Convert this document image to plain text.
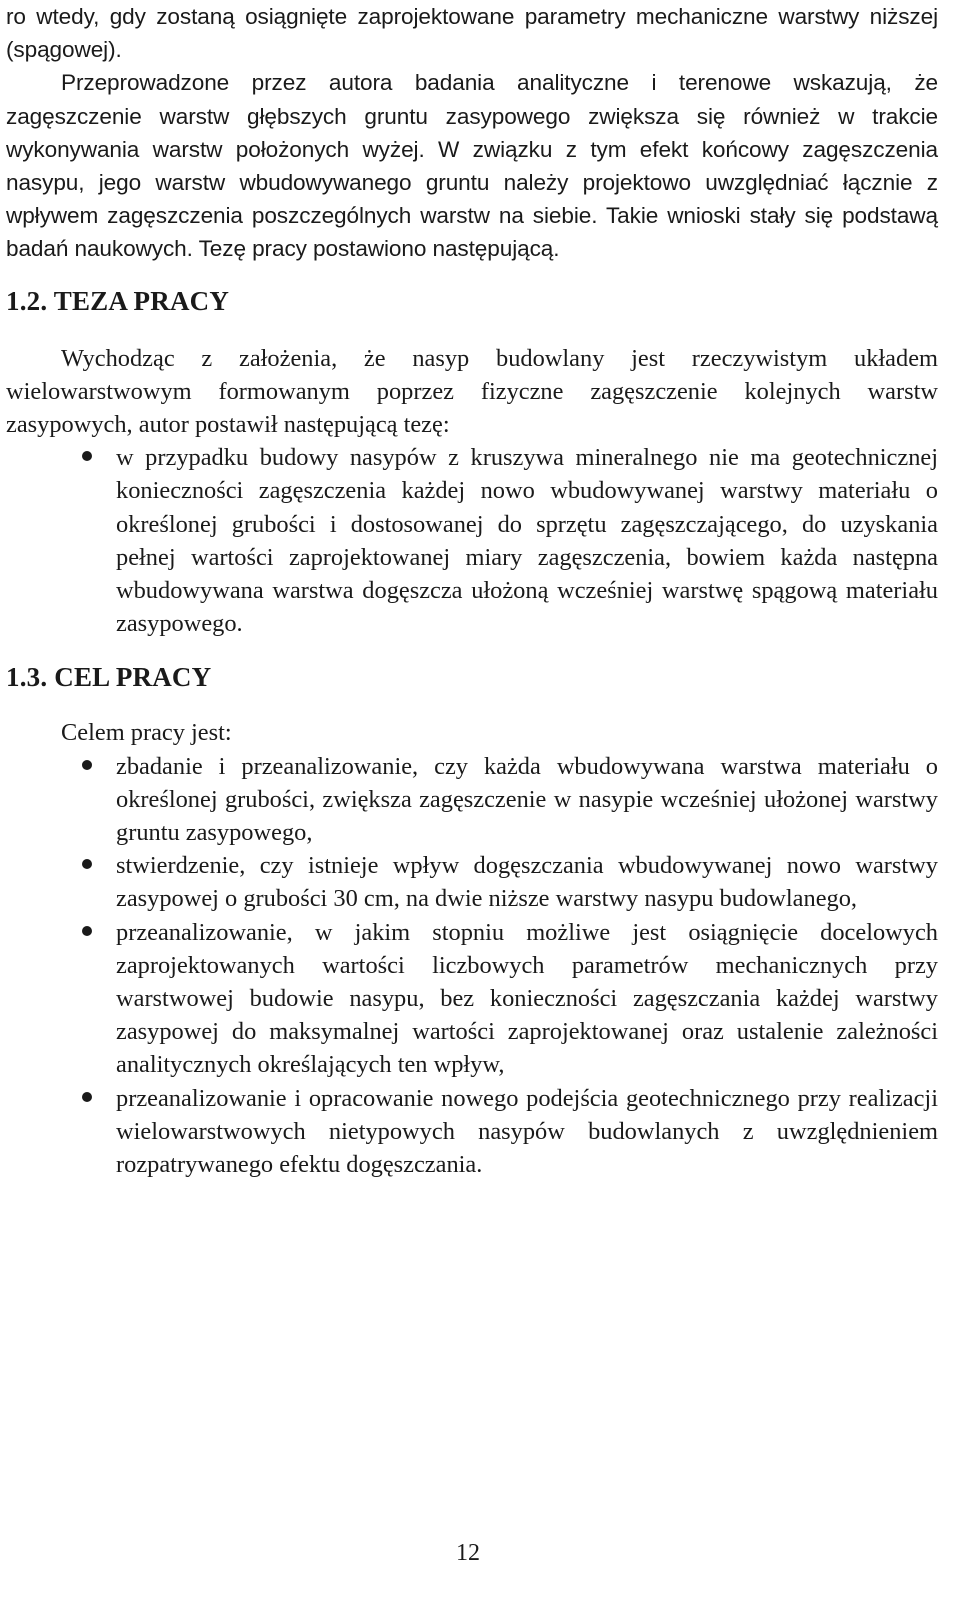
ro wtedy, gdy zostaną osiągnięte zaprojektowane parametry mechaniczne warstwy niższej (spągowej).

Przeprowadzone przez autora badania analityczne i terenowe wskazują, że zagęszczenie warstw głębszych gruntu zasypowego zwiększa się również w trakcie wykonywania warstw położonych wyżej. W związku z tym efekt końcowy zagęszczenia nasypu, jego warstw wbudowywanego gruntu należy projektowo uwzględniać łącznie z wpływem zagęszczenia poszczególnych warstw na siebie. Takie wnioski stały się podstawą badań naukowych. Tezę pracy postawiono następującą.

1.2. TEZA PRACY

Wychodząc z założenia, że nasyp budowlany jest rzeczywistym układem wielowarstwowym formowanym poprzez fizyczne zagęszczenie kolejnych warstw zasypowych, autor postawił następującą tezę:

w przypadku budowy nasypów z kruszywa mineralnego nie ma geotechnicznej konieczności zagęszczenia każdej nowo wbudowywanej warstwy materiału o określonej grubości i dostosowanej do sprzętu zagęszczającego, do uzyskania pełnej wartości zaprojektowanej miary zagęszczenia, bowiem każda następna wbudowywana warstwa dogęszcza ułożoną wcześniej warstwę spągową materiału zasypowego.
1.3. CEL PRACY

Celem pracy jest:

zbadanie i przeanalizowanie, czy każda wbudowywana warstwa materiału o określonej grubości, zwiększa zagęszczenie w nasypie wcześniej ułożonej warstwy gruntu zasypowego,
stwierdzenie, czy istnieje wpływ dogęszczania wbudowywanej nowo warstwy zasypowej o grubości 30 cm, na dwie niższe warstwy nasypu budowlanego,
przeanalizowanie, w jakim stopniu możliwe jest osiągnięcie docelowych zaprojektowanych wartości liczbowych parametrów mechanicznych przy warstwowej budowie nasypu, bez konieczności zagęszczania każdej warstwy zasypowej do maksymalnej wartości zaprojektowanej oraz ustalenie zależności analitycznych określających ten wpływ,
przeanalizowanie i opracowanie nowego podejścia geotechnicznego przy realizacji wielowarstwowych nietypowych nasypów budowlanych z uwzględnieniem rozpatrywanego efektu dogęszczania.
12
